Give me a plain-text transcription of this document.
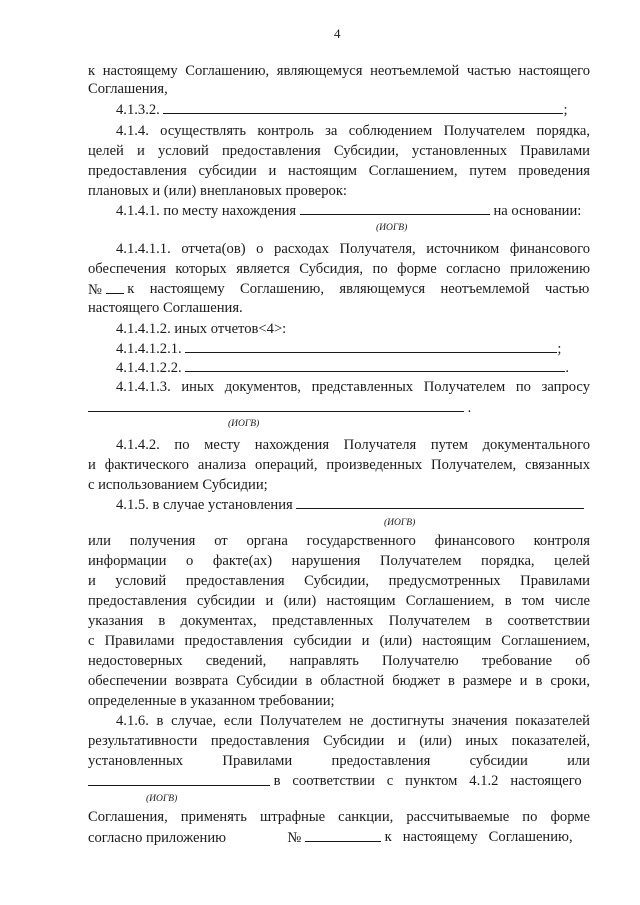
4
к настоящему Соглашению, являющемуся неотъемлемой частью настоящего
Соглашения,
4.1.3.2.	;
4.1.4. осуществлять контроль за соблюдением Получателем порядка,
целей и условий предоставления Субсидии, установленных Правилами
предоставления субсидии и настоящим Соглашением, путем проведения
плановых и (или) внеплановых проверок:
4.1.4.1. по месту нахождения	на основании:
(ИОГВ)
4.1.4.1.1. отчета(ов) о расходах Получателя, источником финансового
обеспечения которых является Субсидия, по форме согласно приложению
№ к настоящему Соглашению, являющемуся неотъемлемой частью
настоящего Соглашения.
4.1.4.1.2. иных отчетов<4>:
4.1.4.1.2.1.	;
4.1.4.1.2.2.	.
4.1.4.1.3. иных документов, представленных Получателем по запросу
.
(ИОГВ)
4.1.4.2. по месту нахождения Получателя путем документального
и фактического анализа операций, произведенных Получателем, связанных
с использованием Субсидии;
4.1.5. в случае установления
(ИОГВ)
или получения от органа государственного финансового контроля
информации о факте(ах) нарушения Получателем порядка, целей
и условий предоставления Субсидии, предусмотренных Правилами
предоставления субсидии и (или) настоящим Соглашением, в том числе
указания в документах, представленных Получателем в соответствии
с Правилами предоставления субсидии и (или) настоящим Соглашением,
недостоверных сведений, направлять Получателю требование об
обеспечении возврата Субсидии в областной бюджет в размере и в сроки,
определенные в указанном требовании;
4.1.6. в случае, если Получателем не достигнуты значения показателей
результативности предоставления Субсидии и (или) иных показателей,
установленных Правилами предоставления субсидии или
в соответствии с пунктом 4.1.2 настоящего
(ИОГВ)
Соглашения, применять штрафные санкции, рассчитываемые по форме
согласно приложению	№	к настоящему Соглашению,
